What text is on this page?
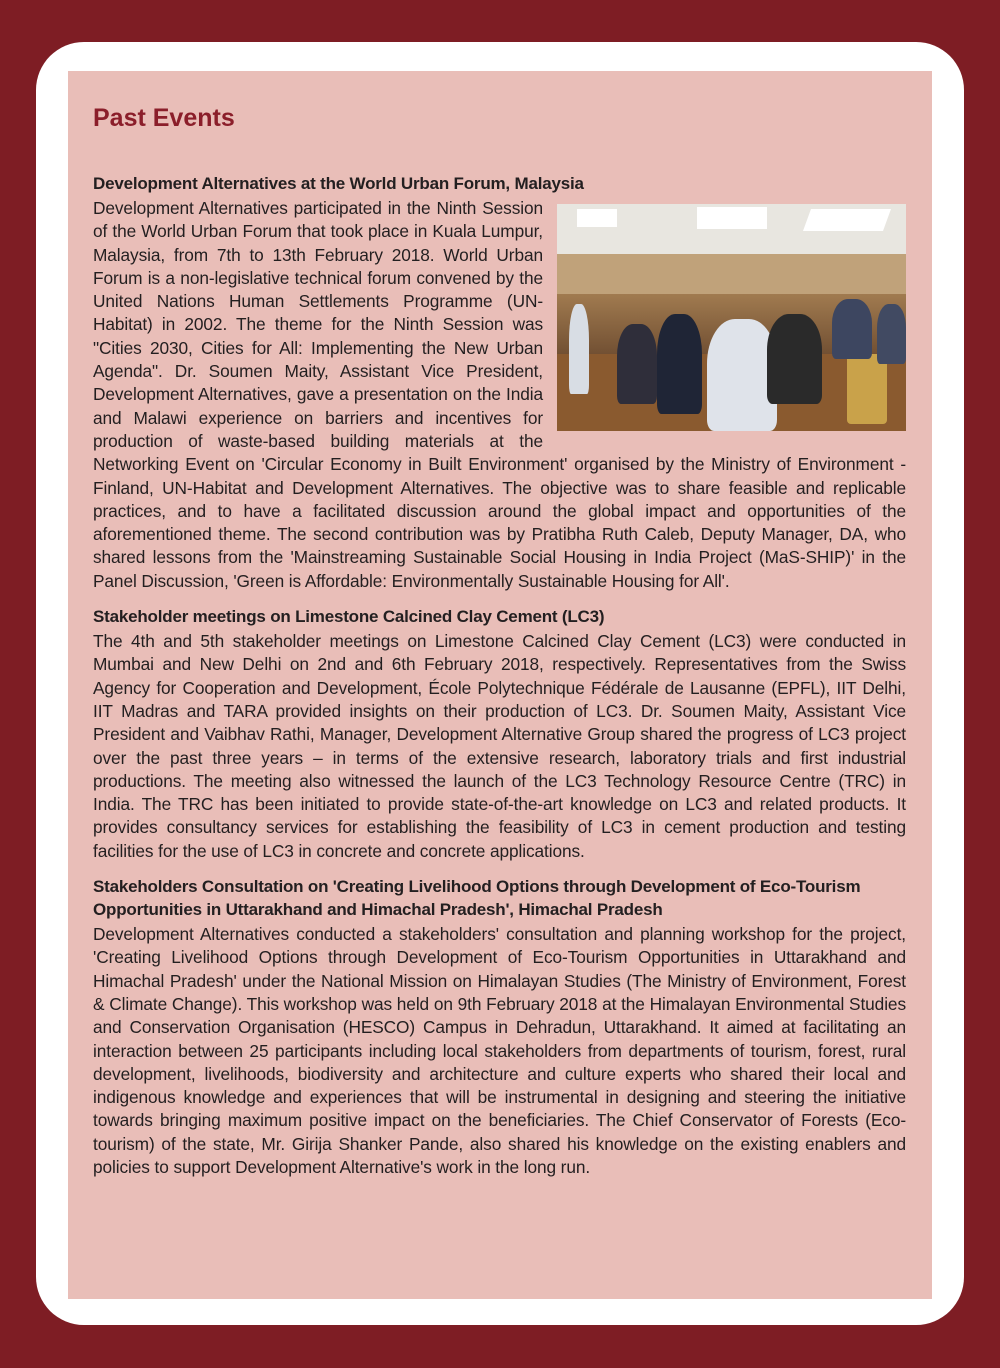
Past Events
Development Alternatives at the World Urban Forum, Malaysia

Development Alternatives participated in the Ninth Session of the World Urban Forum that took place in Kuala Lumpur, Malaysia, from 7th to 13th February 2018. World Urban Forum is a non-legislative technical forum convened by the United Nations Human Settlements Programme (UN-Habitat) in 2002. The theme for the Ninth Session was "Cities 2030, Cities for All: Implementing the New Urban Agenda". Dr. Soumen Maity, Assistant Vice President, Development Alternatives, gave a presentation on the India and Malawi experience on barriers and incentives for production of waste-based building materials at the Networking Event on 'Circular Economy in Built Environment' organised by the Ministry of Environment - Finland, UN-Habitat and Development Alternatives. The objective was to share feasible and replicable practices, and to have a facilitated discussion around the global impact and opportunities of the aforementioned theme. The second contribution was by Pratibha Ruth Caleb, Deputy Manager, DA, who shared lessons from the 'Mainstreaming Sustainable Social Housing in India Project (MaS-SHIP)' in the Panel Discussion, 'Green is Affordable: Environmentally Sustainable Housing for All'.

Stakeholder meetings on Limestone Calcined Clay Cement (LC3)

The 4th and 5th stakeholder meetings on Limestone Calcined Clay Cement (LC3) were conducted in Mumbai and New Delhi on 2nd and 6th February 2018, respectively. Representatives from the Swiss Agency for Cooperation and Development, École Polytechnique Fédérale de Lausanne (EPFL), IIT Delhi, IIT Madras and TARA provided insights on their production of LC3. Dr. Soumen Maity, Assistant Vice President and Vaibhav Rathi, Manager, Development Alternative Group shared the progress of LC3 project over the past three years – in terms of the extensive research, laboratory trials and first industrial productions. The meeting also witnessed the launch of the LC3 Technology Resource Centre (TRC) in India. The TRC has been initiated to provide state-of-the-art knowledge on LC3 and related products. It provides consultancy services for establishing the feasibility of LC3 in cement production and testing facilities for the use of LC3 in concrete and concrete applications.

Stakeholders Consultation on 'Creating Livelihood Options through Development of Eco-Tourism Opportunities in Uttarakhand and Himachal Pradesh', Himachal Pradesh

Development Alternatives conducted a stakeholders' consultation and planning workshop for the project, 'Creating Livelihood Options through Development of Eco-Tourism Opportunities in Uttarakhand and Himachal Pradesh' under the National Mission on Himalayan Studies (The Ministry of Environment, Forest & Climate Change). This workshop was held on 9th February 2018 at the Himalayan Environmental Studies and Conservation Organisation (HESCO) Campus in Dehradun, Uttarakhand. It aimed at facilitating an interaction between 25 participants including local stakeholders from departments of tourism, forest, rural development, livelihoods, biodiversity and architecture and culture experts who shared their local and indigenous knowledge and experiences that will be instrumental in designing and steering the initiative towards bringing maximum positive impact on the beneficiaries. The Chief Conservator of Forests (Eco-tourism) of the state, Mr. Girija Shanker Pande, also shared his knowledge on the existing enablers and policies to support Development Alternative's work in the long run.
